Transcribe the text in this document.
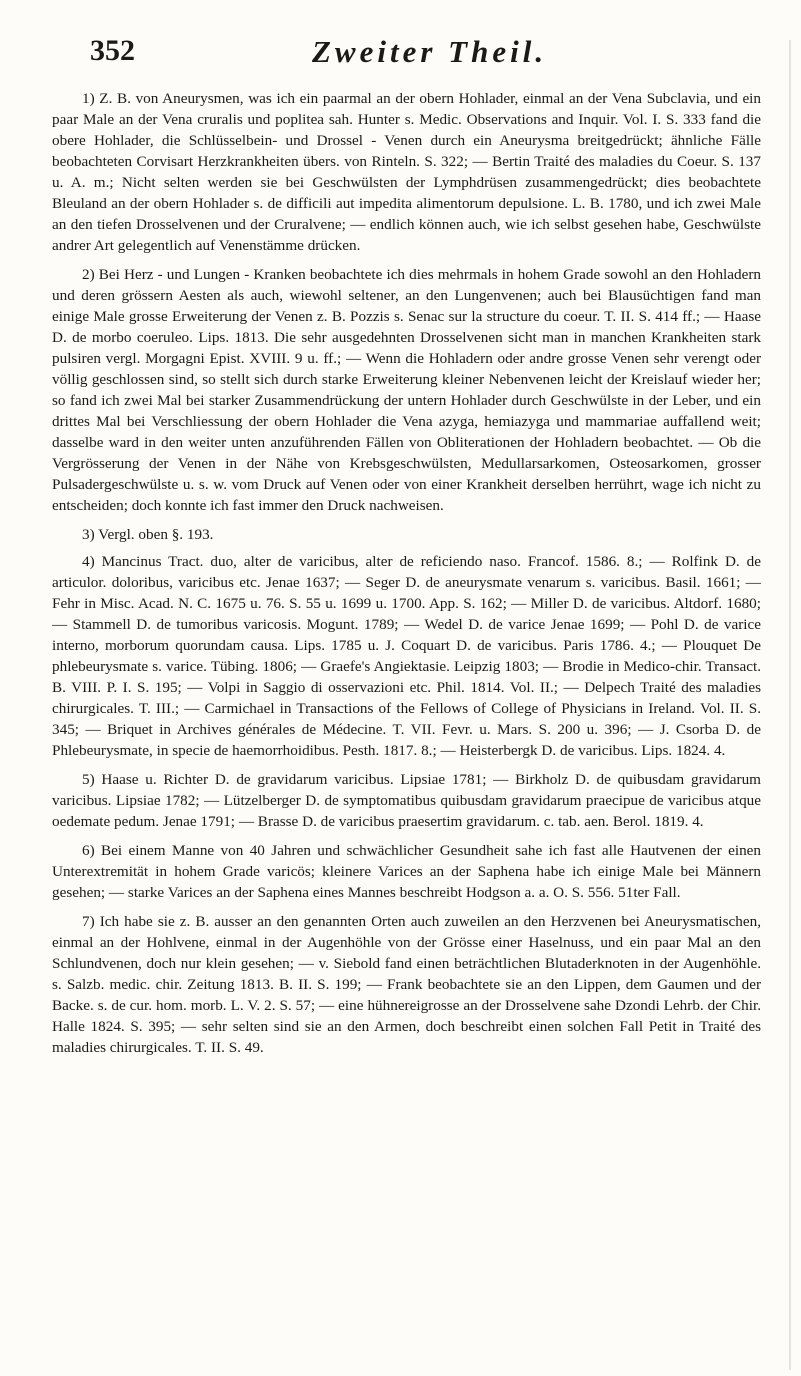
352	Zweiter Theil.

1) Z. B. von Aneurysmen, was ich ein paarmal an der obern Hohlader, einmal an der Vena Subclavia, und ein paar Male an der Vena cruralis und poplitea sah. Hunter s. Medic. Observations and Inquir. Vol. I. S. 333 fand die obere Hohlader, die Schlüsselbein- und Drossel - Venen durch ein Aneurysma breitgedrückt; ähnliche Fälle beobachteten Corvisart Herzkrankheiten übers. von Rinteln. S. 322; — Bertin Traité des maladies du Coeur. S. 137 u. A. m.; Nicht selten werden sie bei Geschwülsten der Lymphdrüsen zusammengedrückt; dies beobachtete Bleuland an der obern Hohlader s. de difficili aut impedita alimentorum depulsione. L. B. 1780, und ich zwei Male an den tiefen Drosselvenen und der Cruralvene; — endlich können auch, wie ich selbst gesehen habe, Geschwülste andrer Art gelegentlich auf Venenstämme drücken.

2) Bei Herz - und Lungen - Kranken beobachtete ich dies mehrmals in hohem Grade sowohl an den Hohladern und deren grössern Aesten als auch, wiewohl seltener, an den Lungenvenen; auch bei Blausüchtigen fand man einige Male grosse Erweiterung der Venen z. B. Pozzis s. Senac sur la structure du coeur. T. II. S. 414 ff.; — Haase D. de morbo coeruleo. Lips. 1813. Die sehr ausgedehnten Drosselvenen sicht man in manchen Krankheiten stark pulsiren vergl. Morgagni Epist. XVIII. 9 u. ff.; — Wenn die Hohladern oder andre grosse Venen sehr verengt oder völlig geschlossen sind, so stellt sich durch starke Erweiterung kleiner Nebenvenen leicht der Kreislauf wieder her; so fand ich zwei Mal bei starker Zusammendrückung der untern Hohlader durch Geschwülste in der Leber, und ein drittes Mal bei Verschliessung der obern Hohlader die Vena azyga, hemiazyga und mammariae auffallend weit; dasselbe ward in den weiter unten anzuführenden Fällen von Obliterationen der Hohladern beobachtet. — Ob die Vergrösserung der Venen in der Nähe von Krebsgeschwülsten, Medullarsarkomen, Osteosarkomen, grosser Pulsadergeschwülste u. s. w. vom Druck auf Venen oder von einer Krankheit derselben herrührt, wage ich nicht zu entscheiden; doch konnte ich fast immer den Druck nachweisen.

3) Vergl. oben §. 193.

4) Mancinus Tract. duo, alter de varicibus, alter de reficiendo naso. Francof. 1586. 8.; — Rolfink D. de articulor. doloribus, varicibus etc. Jenae 1637; — Seger D. de aneurysmate venarum s. varicibus. Basil. 1661; — Fehr in Misc. Acad. N. C. 1675 u. 76. S. 55 u. 1699 u. 1700. App. S. 162; — Miller D. de varicibus. Altdorf. 1680; — Stammell D. de tumoribus varicosis. Mogunt. 1789; — Wedel D. de varice Jenae 1699; — Pohl D. de varice interno, morborum quorundam causa. Lips. 1785 u. J. Coquart D. de varicibus. Paris 1786. 4.; — Plouquet De phlebeurysmate s. varice. Tübing. 1806; — Graefe's Angiektasie. Leipzig 1803; — Brodie in Medico-chir. Transact. B. VIII. P. I. S. 195; — Volpi in Saggio di osservazioni etc. Phil. 1814. Vol. II.; — Delpech Traité des maladies chirurgicales. T. III.; — Carmichael in Transactions of the Fellows of College of Physicians in Ireland. Vol. II. S. 345; — Briquet in Archives générales de Médecine. T. VII. Fevr. u. Mars. S. 200 u. 396; — J. Csorba D. de Phlebeurysmate, in specie de haemorrhoidibus. Pesth. 1817. 8.; — Heisterbergk D. de varicibus. Lips. 1824. 4.

5) Haase u. Richter D. de gravidarum varicibus. Lipsiae 1781; — Birkholz D. de quibusdam gravidarum varicibus. Lipsiae 1782; — Lützelberger D. de symptomatibus quibusdam gravidarum praecipue de varicibus atque oedemate pedum. Jenae 1791; — Brasse D. de varicibus praesertim gravidarum. c. tab. aen. Berol. 1819. 4.

6) Bei einem Manne von 40 Jahren und schwächlicher Gesundheit sahe ich fast alle Hautvenen der einen Unterextremität in hohem Grade varicös; kleinere Varices an der Saphena habe ich einige Male bei Männern gesehen; — starke Varices an der Saphena eines Mannes beschreibt Hodgson a. a. O. S. 556. 51ter Fall.

7) Ich habe sie z. B. ausser an den genannten Orten auch zuweilen an den Herzvenen bei Aneurysmatischen, einmal an der Hohlvene, einmal in der Augenhöhle von der Grösse einer Haselnuss, und ein paar Mal an den Schlundvenen, doch nur klein gesehen; — v. Siebold fand einen beträchtlichen Blutaderknoten in der Augenhöhle. s. Salzb. medic. chir. Zeitung 1813. B. II. S. 199; — Frank beobachtete sie an den Lippen, dem Gaumen und der Backe. s. de cur. hom. morb. L. V. 2. S. 57; — eine hühnereigrosse an der Drosselvene sahe Dzondi Lehrb. der Chir. Halle 1824. S. 395; — sehr selten sind sie an den Armen, doch beschreibt einen solchen Fall Petit in Traité des maladies chirurgicales. T. II. S. 49.
